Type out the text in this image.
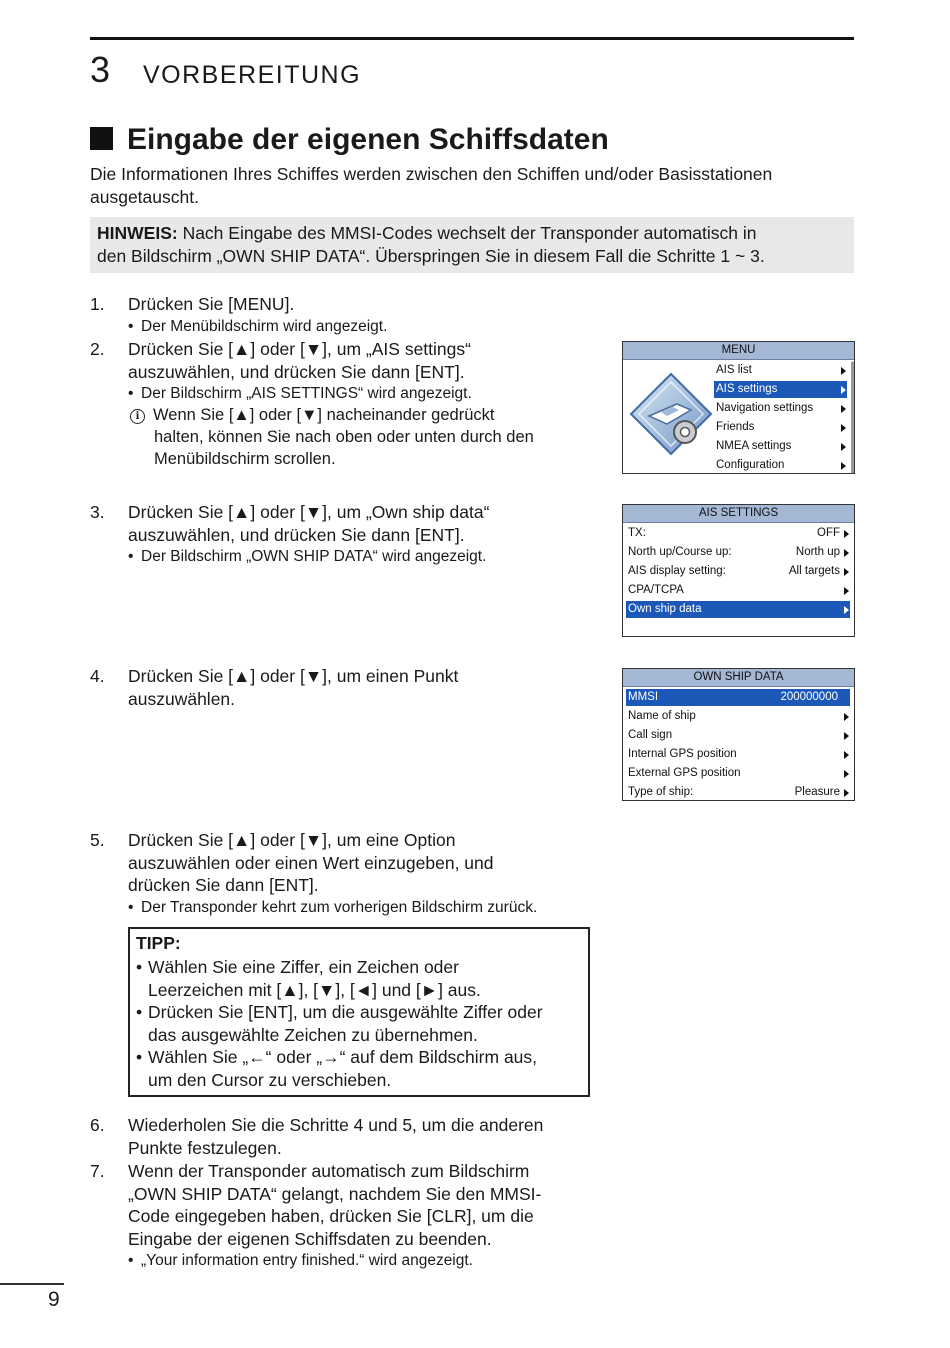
3 VORBEREITUNG
Eingabe der eigenen Schiffsdaten
Die Informationen Ihres Schiffes werden zwischen den Schiffen und/oder Basisstationen ausgetauscht.
HINWEIS: Nach Eingabe des MMSI-Codes wechselt der Transponder automatisch in
den Bildschirm „OWN SHIP DATA“. Überspringen Sie in diesem Fall die Schritte 1 ~ 3.
1. Drücken Sie [MENU].
• Der Menübildschirm wird angezeigt.
2. Drücken Sie [▲] oder [▼], um „AIS settings“
auszuwählen, und drücken Sie dann [ENT].
• Der Bildschirm „AIS SETTINGS“ wird angezeigt.
i Wenn Sie [▲] oder [▼] nacheinander gedrückt
halten, können Sie nach oben oder unten durch den
Menübildschirm scrollen.
MENU
AIS list
AIS settings
Navigation settings
Friends
NMEA settings
Configuration
3. Drücken Sie [▲] oder [▼], um „Own ship data“
auszuwählen, und drücken Sie dann [ENT].
• Der Bildschirm „OWN SHIP DATA“ wird angezeigt.
AIS SETTINGS
TX:	OFF
North up/Course up:	North up
AIS display setting:	All targets
CPA/TCPA
Own ship data
4. Drücken Sie [▲] oder [▼], um einen Punkt
auszuwählen.
OWN SHIP DATA
MMSI	200000000
Name of ship
Call sign
Internal GPS position
External GPS position
Type of ship:	Pleasure
5. Drücken Sie [▲] oder [▼], um eine Option
auszuwählen oder einen Wert einzugeben, und
drücken Sie dann [ENT].
• Der Transponder kehrt zum vorherigen Bildschirm zurück.
TIPP:
• Wählen Sie eine Ziffer, ein Zeichen oder
Leerzeichen mit [▲], [▼], [◄] und [►] aus.
• Drücken Sie [ENT], um die ausgewählte Ziffer oder
das ausgewählte Zeichen zu übernehmen.
• Wählen Sie „←“ oder „→“ auf dem Bildschirm aus,
um den Cursor zu verschieben.
6. Wiederholen Sie die Schritte 4 und 5, um die anderen
Punkte festzulegen.
7. Wenn der Transponder automatisch zum Bildschirm
„OWN SHIP DATA“ gelangt, nachdem Sie den MMSI-
Code eingegeben haben, drücken Sie [CLR], um die
Eingabe der eigenen Schiffsdaten zu beenden.
• „Your information entry finished.“ wird angezeigt.
9
